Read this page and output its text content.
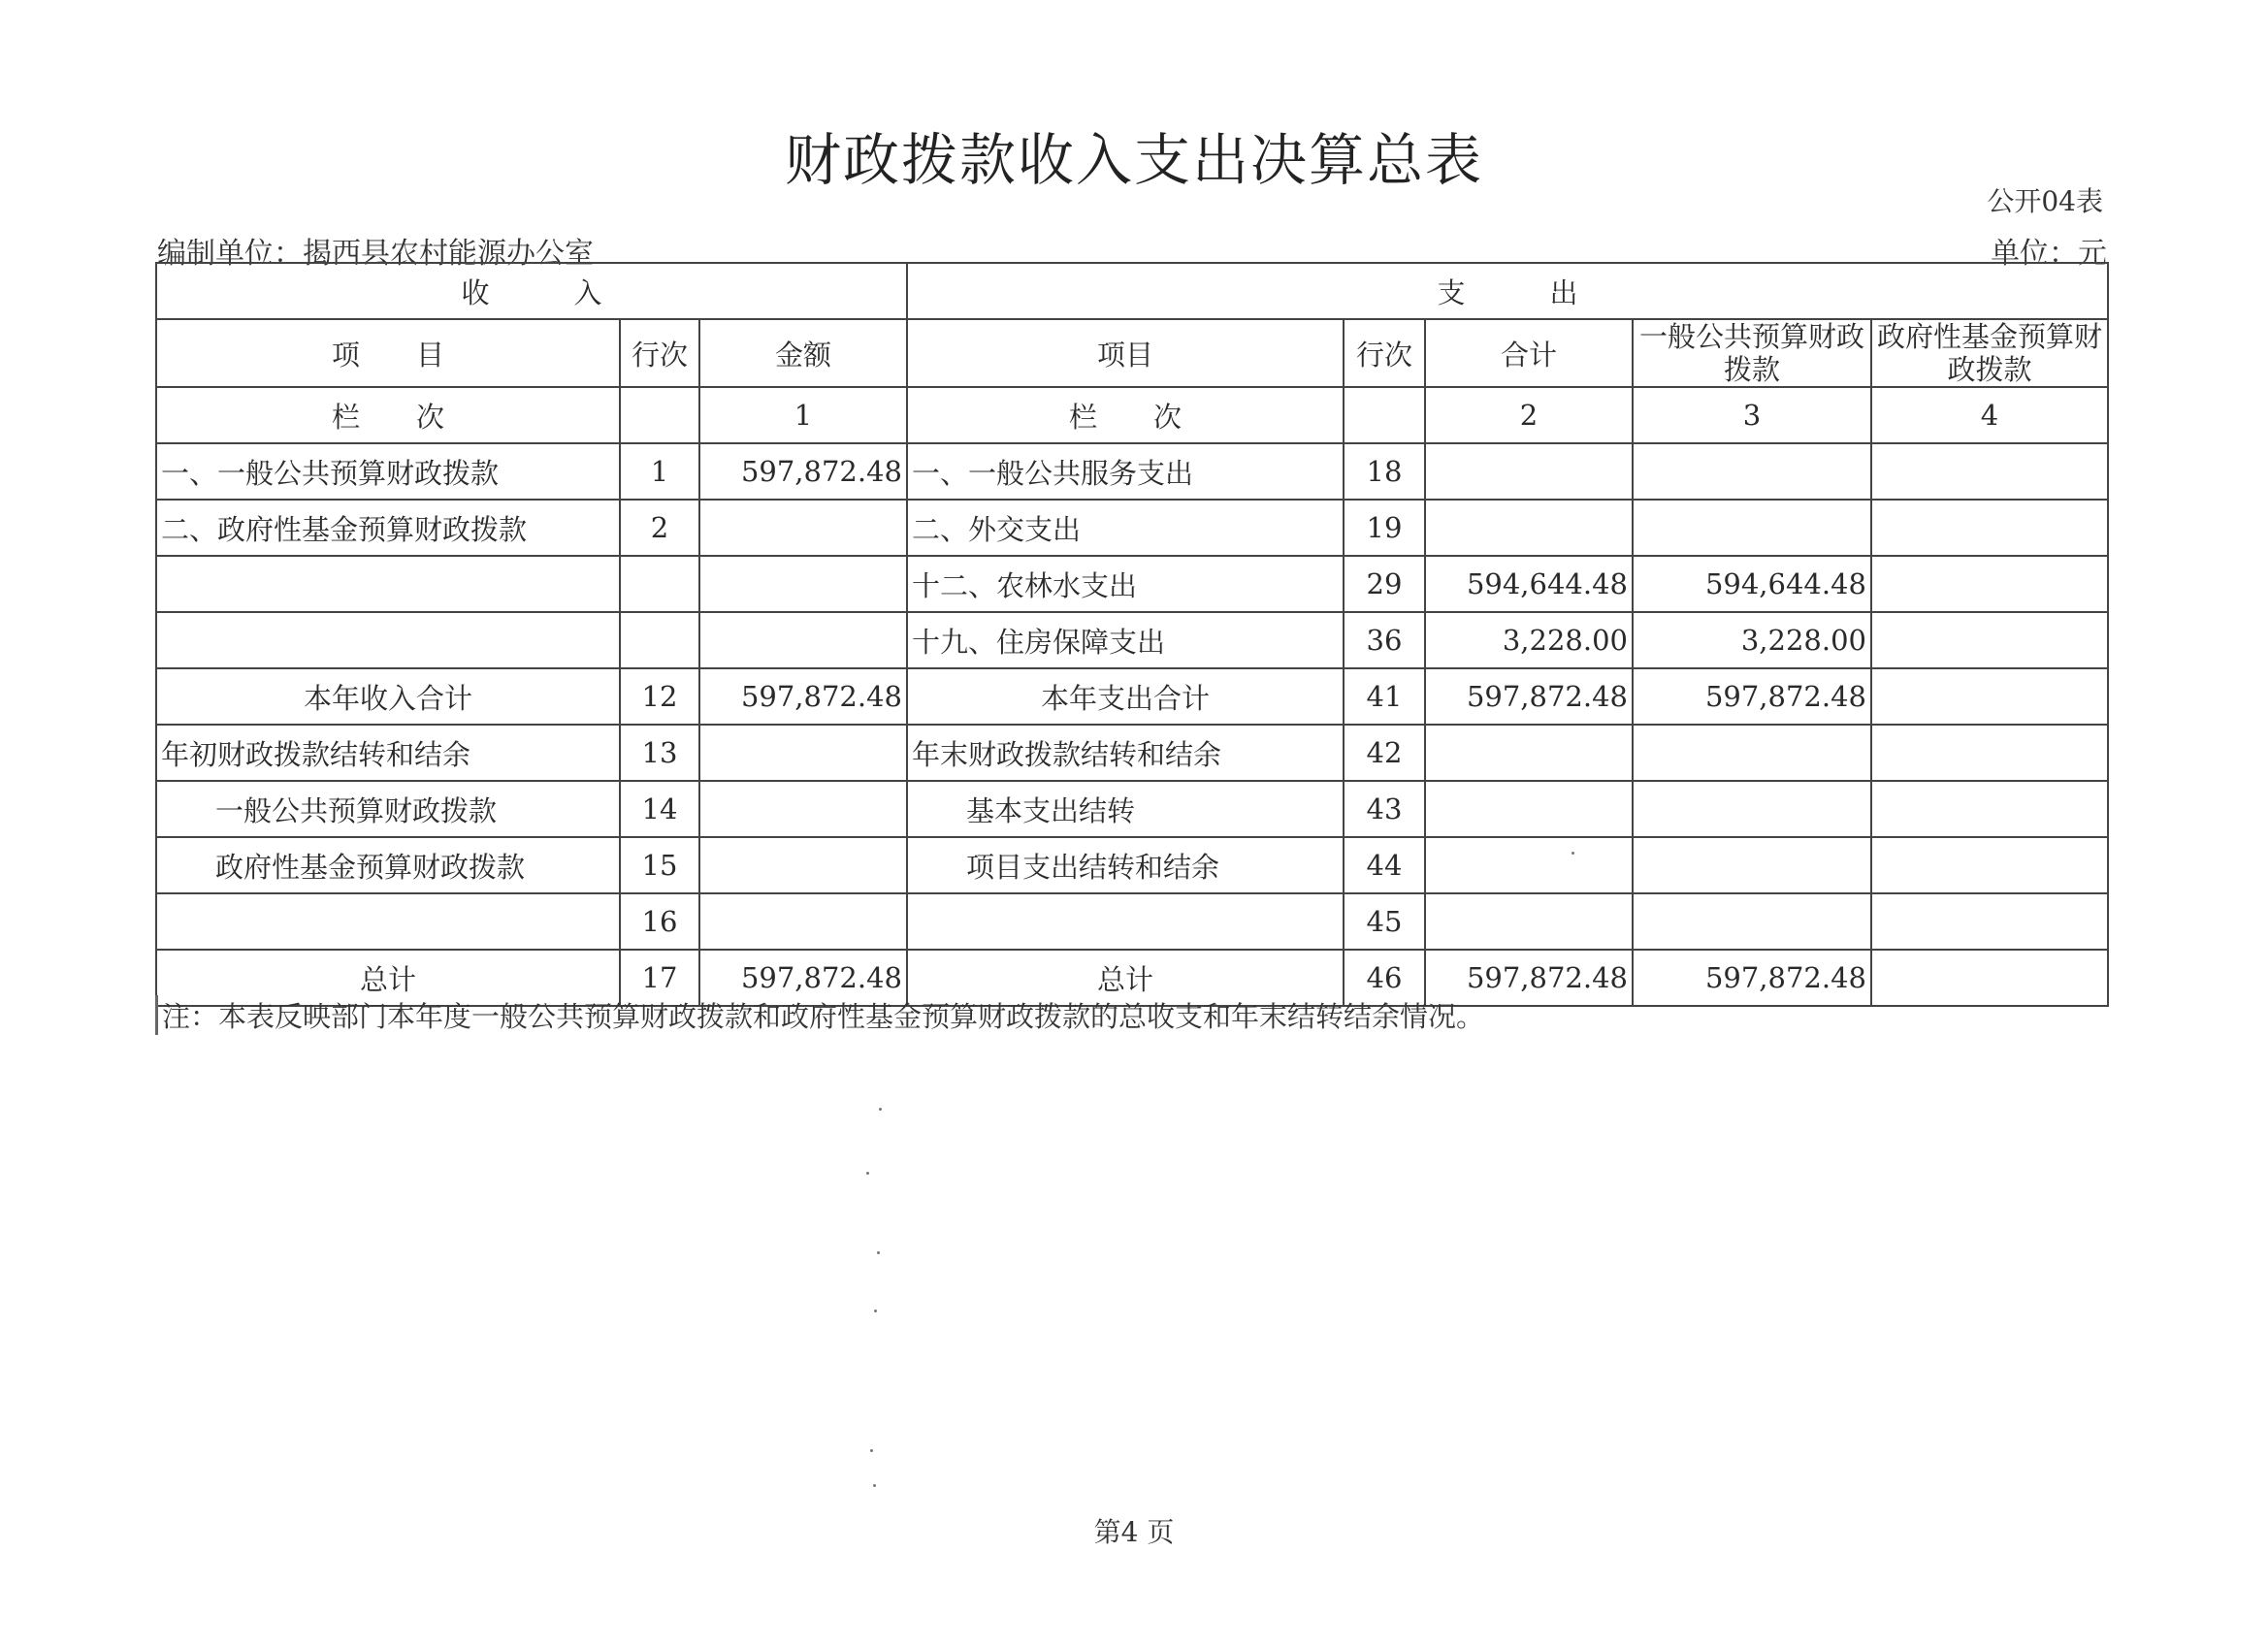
财政拨款收入支出决算总表
公开04表
编制单位：揭西县农村能源办公室	单位：元
收　　　入			支　　　出				
项　　目	行次	金额	项目	行次	合计	一般公共预算财政拨款	政府性基金预算财政拨款
栏　　次		1	栏　　次		2	3	4
一、一般公共预算财政拨款	1	597,872.48	一、一般公共服务支出	18			
二、政府性基金预算财政拨款	2		二、外交支出	19			
			十二、农林水支出	29	594,644.48	594,644.48	
			十九、住房保障支出	36	3,228.00	3,228.00	
本年收入合计	12	597,872.48	本年支出合计	41	597,872.48	597,872.48	
年初财政拨款结转和结余	13		年末财政拨款结转和结余	42			
一般公共预算财政拨款	14		基本支出结转	43			
政府性基金预算财政拨款	15		项目支出结转和结余	44			
	16			45			
总计	17	597,872.48	总计	46	597,872.48	597,872.48	
注：本表反映部门本年度一般公共预算财政拨款和政府性基金预算财政拨款的总收支和年末结转结余情况。
第4 页
